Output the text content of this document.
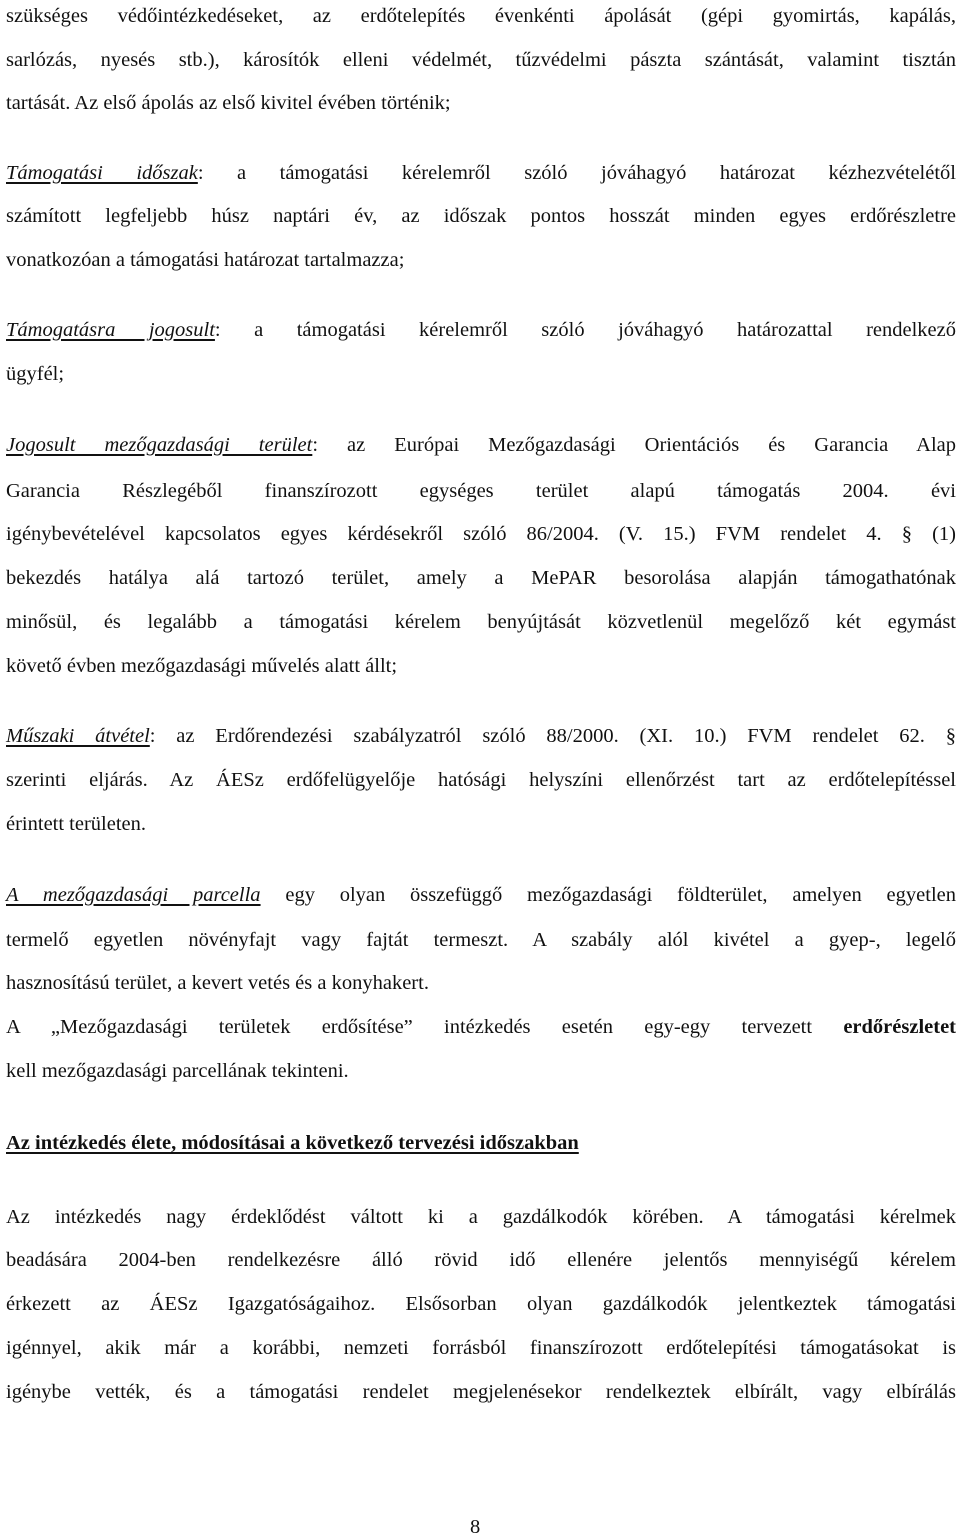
szükséges védőintézkedéseket, az erdőtelepítés évenkénti ápolását (gépi gyomirtás, kapálás,
sarlózás, nyesés stb.), károsítók elleni védelmét, tűzvédelmi pászta szántását, valamint tisztán
tartását. Az első ápolás az első kivitel évében történik;
Támogatási időszak: a támogatási kérelemről szóló jóváhagyó határozat kézhezvételétől
számított legfeljebb húsz naptári év, az időszak pontos hosszát minden egyes erdőrészletre
vonatkozóan a támogatási határozat tartalmazza;
Támogatásra jogosult: a támogatási kérelemről szóló jóváhagyó határozattal rendelkező
ügyfél;
Jogosult mezőgazdasági terület: az Európai Mezőgazdasági Orientációs és Garancia Alap
Garancia Részlegéből finanszírozott egységes terület alapú támogatás 2004. évi
igénybevételével kapcsolatos egyes kérdésekről szóló 86/2004. (V. 15.) FVM rendelet 4. § (1)
bekezdés hatálya alá tartozó terület, amely a MePAR besorolása alapján támogathatónak
minősül, és legalább a támogatási kérelem benyújtását közvetlenül megelőző két egymást
követő évben mezőgazdasági művelés alatt állt;
Műszaki átvétel: az Erdőrendezési szabályzatról szóló 88/2000. (XI. 10.) FVM rendelet 62. §
szerinti eljárás. Az ÁESz erdőfelügyelője hatósági helyszíni ellenőrzést tart az erdőtelepítéssel
érintett területen.
A mezőgazdasági parcella egy olyan összefüggő mezőgazdasági földterület, amelyen egyetlen
termelő egyetlen növényfajt vagy fajtát termeszt. A szabály alól kivétel a gyep-, legelő
hasznosítású terület, a kevert vetés és a konyhakert.
A „Mezőgazdasági területek erdősítése” intézkedés esetén egy-egy tervezett erdőrészletet
kell mezőgazdasági parcellának tekinteni.
Az intézkedés élete, módosításai a következő tervezési időszakban
Az intézkedés nagy érdeklődést váltott ki a gazdálkodók körében. A támogatási kérelmek
beadására 2004-ben rendelkezésre álló rövid idő ellenére jelentős mennyiségű kérelem
érkezett az ÁESz Igazgatóságaihoz. Elsősorban olyan gazdálkodók jelentkeztek támogatási
igénnyel, akik már a korábbi, nemzeti forrásból finanszírozott erdőtelepítési támogatásokat is
igénybe vették, és a támogatási rendelet megjelenésekor rendelkeztek elbírált, vagy elbírálás
8
